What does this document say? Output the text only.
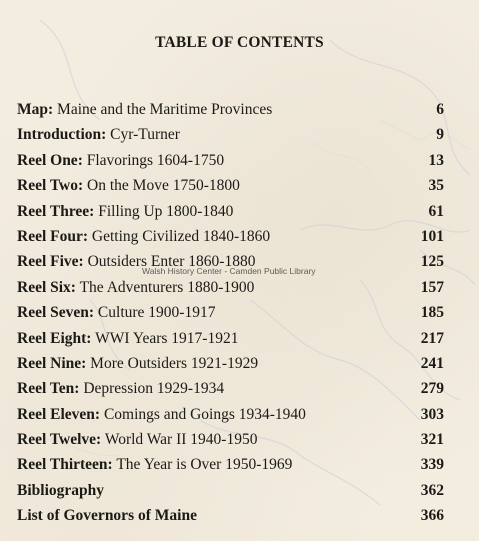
TABLE OF CONTENTS
Map: Maine and the Maritime Provinces	6
Introduction: Cyr-Turner	9
Reel One: Flavorings 1604-1750	13
Reel Two: On the Move 1750-1800	35
Reel Three: Filling Up 1800-1840	61
Reel Four: Getting Civilized 1840-1860	101
Reel Five: Outsiders Enter 1860-1880	125
Reel Six: The Adventurers 1880-1900	157
Reel Seven: Culture 1900-1917	185
Reel Eight: WWI Years 1917-1921	217
Reel Nine: More Outsiders 1921-1929	241
Reel Ten: Depression 1929-1934	279
Reel Eleven: Comings and Goings 1934-1940	303
Reel Twelve: World War II 1940-1950	321
Reel Thirteen: The Year is Over 1950-1969	339
Bibliography	362
List of Governors of Maine	366
Walsh History Center - Camden Public Library
